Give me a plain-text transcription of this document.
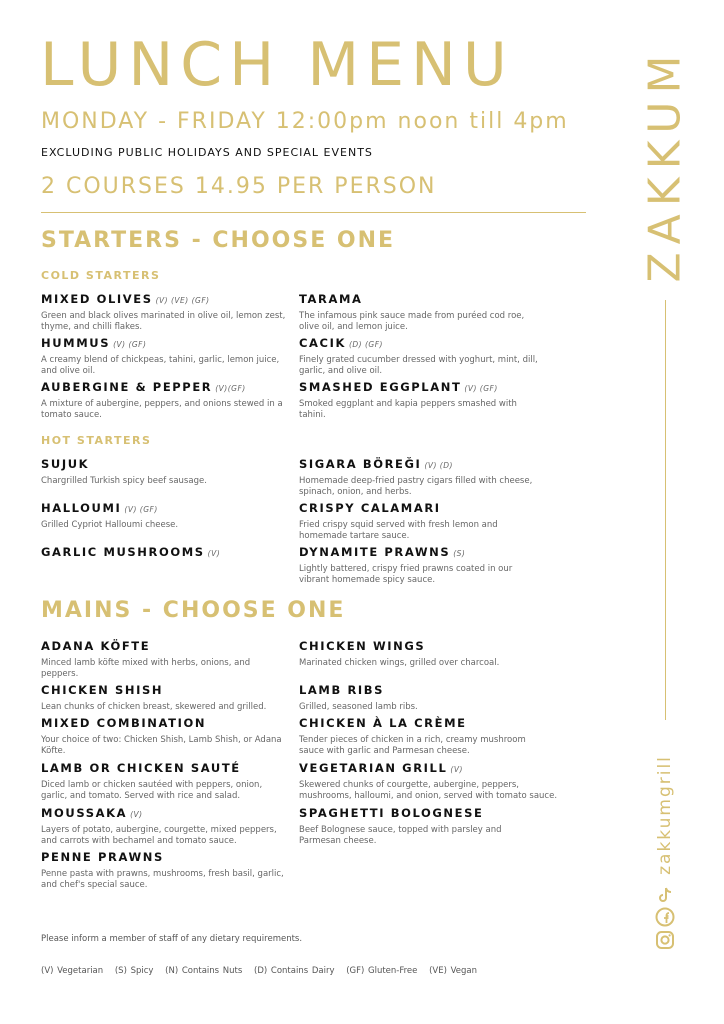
LUNCH MENU

MONDAY - FRIDAY 12:00pm noon till 4pm

EXCLUDING PUBLIC HOLIDAYS AND SPECIAL EVENTS

2 COURSES 14.95 PER PERSON

STARTERS - CHOOSE ONE
COLD STARTERS
MIXED OLIVES (V) (VE) (GF)
Green and black olives marinated in olive oil, lemon zest, thyme, and chilli flakes.
TARAMA
The infamous pink sauce made from puréed cod roe, olive oil, and lemon juice.
HUMMUS (V) (GF)
A creamy blend of chickpeas, tahini, garlic, lemon juice, and olive oil.
CACIK (D) (GF)
Finely grated cucumber dressed with yoghurt, mint, dill, garlic, and olive oil.
AUBERGINE & PEPPER (V)(GF)
A mixture of aubergine, peppers, and onions stewed in a tomato sauce.
SMASHED EGGPLANT (V) (GF)
Smoked eggplant and kapia peppers smashed with tahini.
HOT STARTERS
SUJUK
Chargrilled Turkish spicy beef sausage.
SIGARA BÖREĞI (V) (D)
Homemade deep-fried pastry cigars filled with cheese, spinach, onion, and herbs.
HALLOUMI (V) (GF)
Grilled Cypriot Halloumi cheese.
CRISPY CALAMARI
Fried crispy squid served with fresh lemon and homemade tartare sauce.
GARLIC MUSHROOMS (V)	DYNAMITE PRAWNS (S)
Lightly battered, crispy fried prawns coated in our vibrant homemade spicy sauce.
MAINS - CHOOSE ONE
ADANA KÖFTE
Minced lamb köfte mixed with herbs, onions, and peppers.
CHICKEN WINGS
Marinated chicken wings, grilled over charcoal.
CHICKEN SHISH
Lean chunks of chicken breast, skewered and grilled.
LAMB RIBS
Grilled, seasoned lamb ribs.
MIXED COMBINATION
Your choice of two: Chicken Shish, Lamb Shish, or Adana Köfte.
CHICKEN À LA CRÈME
Tender pieces of chicken in a rich, creamy mushroom sauce with garlic and Parmesan cheese.
LAMB OR CHICKEN SAUTÉ
Diced lamb or chicken sautéed with peppers, onion, garlic, and tomato. Served with rice and salad.
VEGETARIAN GRILL (V)
Skewered chunks of courgette, aubergine, peppers, mushrooms, halloumi, and onion, served with tomato sauce.
MOUSSAKA (V)
Layers of potato, aubergine, courgette, mixed peppers, and carrots with bechamel and tomato sauce.
SPAGHETTI BOLOGNESE
Beef Bolognese sauce, topped with parsley and Parmesan cheese.
PENNE PRAWNS
Penne pasta with prawns, mushrooms, fresh basil, garlic, and chef's special sauce.

Please inform a member of staff of any dietary requirements.

(V) Vegetarian (S) Spicy (N) Contains Nuts (D) Contains Dairy (GF) Gluten-Free (VE) Vegan

ZAKKUM

zakkumgrill
